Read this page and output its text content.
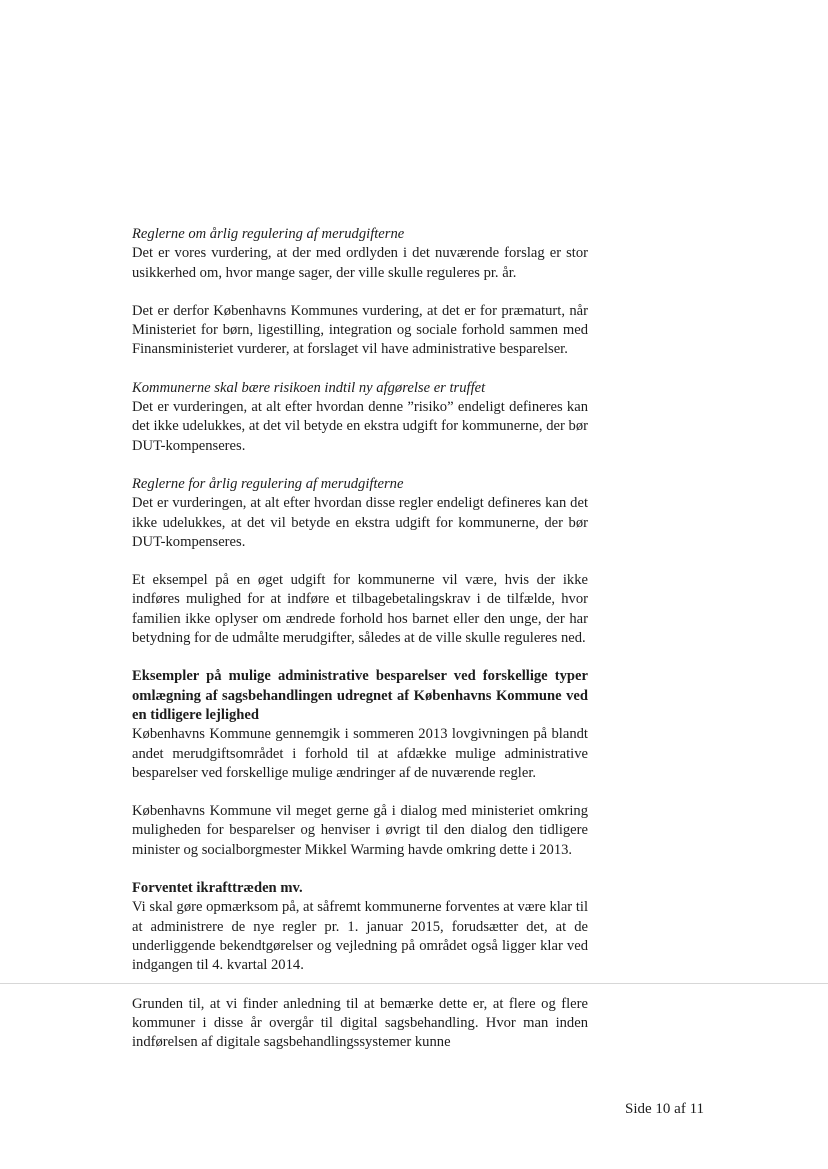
Reglerne om årlig regulering af merudgifterne

Det er vores vurdering, at der med ordlyden i det nuværende forslag er stor usikkerhed om, hvor mange sager, der ville skulle reguleres pr. år.

Det er derfor Københavns Kommunes vurdering, at det er for præmaturt, når Ministeriet for børn, ligestilling, integration og sociale forhold sammen med Finansministeriet vurderer, at forslaget vil have administrative besparelser.

Kommunerne skal bære risikoen indtil ny afgørelse er truffet

Det er vurderingen, at alt efter hvordan denne ”risiko” endeligt defineres kan det ikke udelukkes, at det vil betyde en ekstra udgift for kommunerne, der bør DUT-kompenseres.

Reglerne for årlig regulering af merudgifterne

Det er vurderingen, at alt efter hvordan disse regler endeligt defineres kan det ikke udelukkes, at det vil betyde en ekstra udgift for kommunerne, der bør DUT-kompenseres.

Et eksempel på en øget udgift for kommunerne vil være, hvis der ikke indføres mulighed for at indføre et tilbagebetalingskrav i de tilfælde, hvor familien ikke oplyser om ændrede forhold hos barnet eller den unge, der har betydning for de udmålte merudgifter, således at de ville skulle reguleres ned.

Eksempler på mulige administrative besparelser ved forskellige typer omlægning af sagsbehandlingen udregnet af Københavns Kommune ved en tidligere lejlighed

Københavns Kommune gennemgik i sommeren 2013 lovgivningen på blandt andet merudgiftsområdet i forhold til at afdække mulige administrative besparelser ved forskellige mulige ændringer af de nuværende regler.

Københavns Kommune vil meget gerne gå i dialog med ministeriet omkring muligheden for besparelser og henviser i øvrigt til den dialog den tidligere minister og socialborgmester Mikkel Warming havde omkring dette i 2013.

Forventet ikrafttræden mv.

Vi skal gøre opmærksom på, at såfremt kommunerne forventes at være klar til at administrere de nye regler pr. 1. januar 2015, forudsætter det, at de underliggende bekendtgørelser og vejledning på området også ligger klar ved indgangen til 4. kvartal 2014.

Grunden til, at vi finder anledning til at bemærke dette er, at flere og flere kommuner i disse år overgår til digital sagsbehandling. Hvor man inden indførelsen af digitale sagsbehandlingssystemer kunne

Side 10 af 11
